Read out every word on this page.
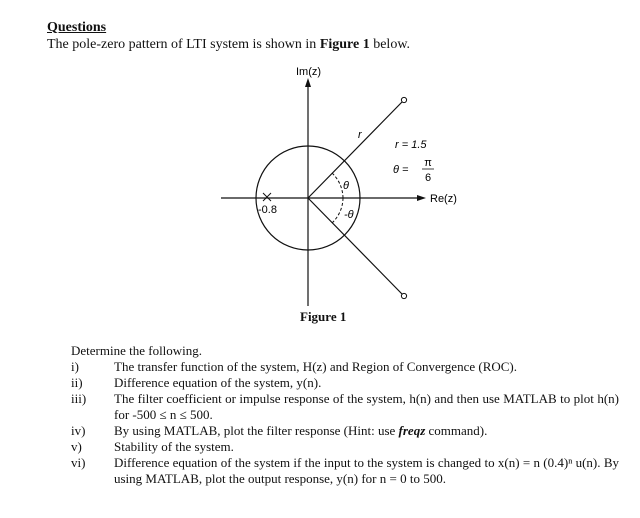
Questions
The pole-zero pattern of LTI system is shown in Figure 1 below.
Im(z)
Re(z)
r
r = 1.5
θ =
π
6
θ
-θ
-0.8
Figure 1
Determine the following.
i)	The transfer function of the system, H(z) and Region of Convergence (ROC).
ii)	Difference equation of the system, y(n).
iii)	The filter coefficient or impulse response of the system, h(n) and then use MATLAB to plot h(n) for -500 ≤ n ≤ 500.
iv)	By using MATLAB, plot the filter response (Hint: use freqz command).
v)	Stability of the system.
vi)	Difference equation of the system if the input to the system is changed to x(n) = n (0.4)ⁿ u(n). By using MATLAB, plot the output response, y(n) for n = 0 to 500.
